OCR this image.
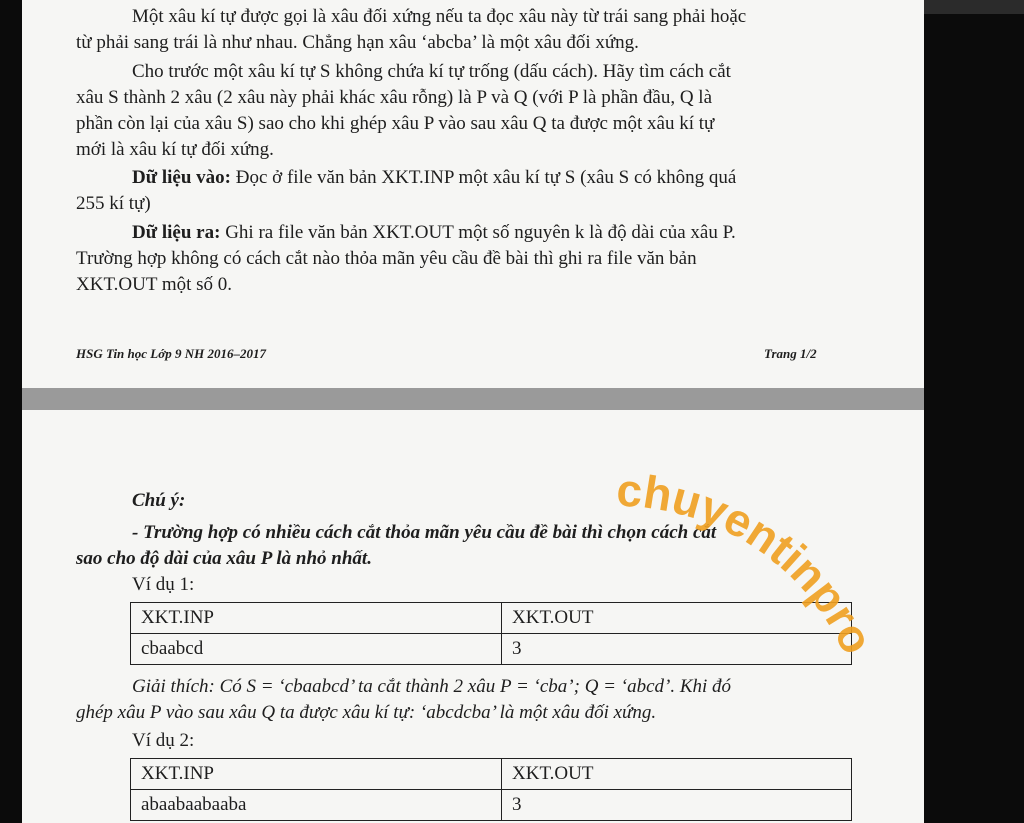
Một xâu kí tự được gọi là xâu đối xứng nếu ta đọc xâu này từ trái sang phải hoặc
từ phải sang trái là như nhau. Chẳng hạn xâu ‘abcba’ là một xâu đối xứng.
Cho trước một xâu kí tự S không chứa kí tự trống (dấu cách). Hãy tìm cách cắt
xâu S thành 2 xâu (2 xâu này phải khác xâu rỗng) là P và Q (với P là phần đầu, Q là
phần còn lại của xâu S) sao cho khi ghép xâu P vào sau xâu Q ta được một xâu kí tự
mới là xâu kí tự đối xứng.
Dữ liệu vào: Đọc ở file văn bản XKT.INP một xâu kí tự S (xâu S có không quá
255 kí tự)
Dữ liệu ra: Ghi ra file văn bản XKT.OUT một số nguyên k là độ dài của xâu P.
Trường hợp không có cách cắt nào thỏa mãn yêu cầu đề bài thì ghi ra file văn bản
XKT.OUT một số 0.
HSG Tin học Lớp 9 NH 2016–2017	Trang 1/2
Chú ý:
- Trường hợp có nhiều cách cắt thỏa mãn yêu cầu đề bài thì chọn cách cắt
sao cho độ dài của xâu P là nhỏ nhất.
Ví dụ 1:
XKT.INP	XKT.OUT
cbaabcd	3
Giải thích: Có S = ‘cbaabcd’ ta cắt thành 2 xâu P = ‘cba’; Q = ‘abcd’. Khi đó
ghép xâu P vào sau xâu Q ta được xâu kí tự: ‘abcdcba’ là một xâu đối xứng.
Ví dụ 2:
XKT.INP	XKT.OUT
abaabaabaaba	3
chuyentinpro
